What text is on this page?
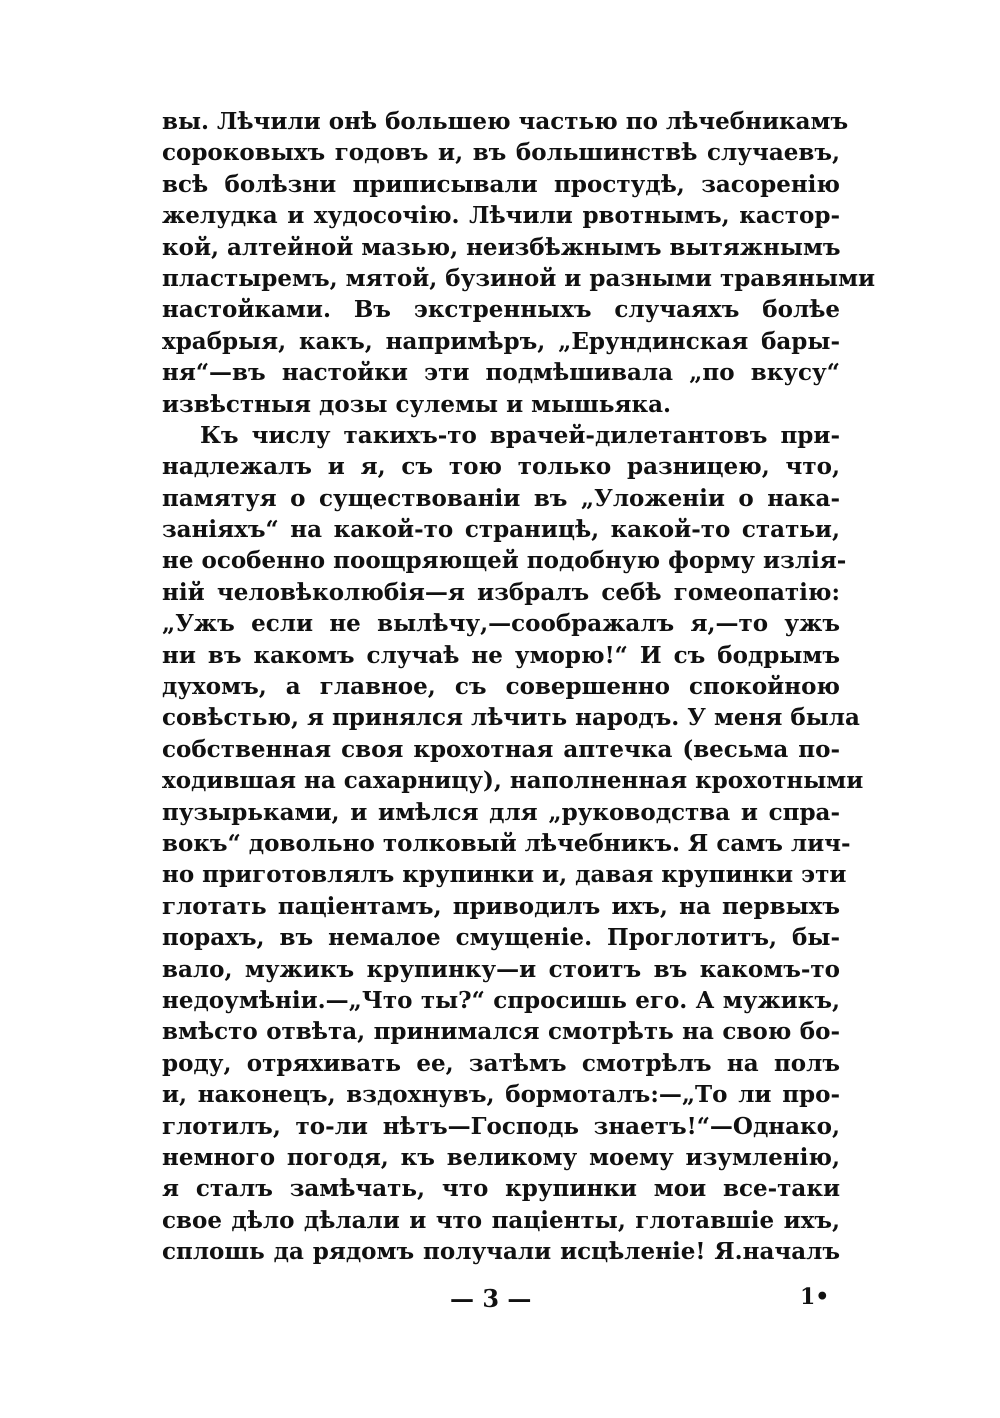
вы. Лѣчили онѣ большею частью по лѣчебникамъ
сороковыхъ годовъ и, въ большинствѣ случаевъ,
всѣ болѣзни приписывали простудѣ, засоренію
желудка и худосочію. Лѣчили рвотнымъ, кастор-
кой, алтейной мазью, неизбѣжнымъ вытяжнымъ
пластыремъ, мятой, бузиной и разными травяными
настойками. Въ экстренныхъ случаяхъ болѣе
храбрыя, какъ, напримѣръ, „Ерундинская бары-
ня“—въ настойки эти подмѣшивала „по вкусу“
извѣстныя дозы сулемы и мышьяка.
Къ числу такихъ-то врачей-дилетантовъ при-
надлежалъ и я, съ тою только разницею, что,
памятуя о существованіи въ „Уложеніи о нака-
заніяхъ“ на какой-то страницѣ, какой-то статьи,
не особенно поощряющей подобную форму излія-
ній человѣколюбія—я избралъ себѣ гомеопатію:
„Ужъ если не вылѣчу,—соображалъ я,—то ужъ
ни въ какомъ случаѣ не уморю!“ И съ бодрымъ
духомъ, а главное, съ совершенно спокойною
совѣстью, я принялся лѣчить народъ. У меня была
собственная своя крохотная аптечка (весьма по-
ходившая на сахарницу), наполненная крохотными
пузырьками, и имѣлся для „руководства и спра-
вокъ“ довольно толковый лѣчебникъ. Я самъ лич-
но приготовлялъ крупинки и, давая крупинки эти
глотать паціентамъ, приводилъ ихъ, на первыхъ
порахъ, въ немалое смущеніе. Проглотитъ, бы-
вало, мужикъ крупинку—и стоитъ въ какомъ-то
недоумѣніи.—„Что ты?“ спросишь его. А мужикъ,
вмѣсто отвѣта, принимался смотрѣть на свою бо-
роду, отряхивать ее, затѣмъ смотрѣлъ на полъ
и, наконецъ, вздохнувъ, бормоталъ:—„То ли про-
глотилъ, то-ли нѣтъ—Господь знаетъ!“—Однако,
немного погодя, къ великому моему изумленію,
я сталъ замѣчать, что крупинки мои все-таки
свое дѣло дѣлали и что паціенты, глотавшіе ихъ,
сплошь да рядомъ получали исцѣленіе! Я.началъ
— 3 —	1•
